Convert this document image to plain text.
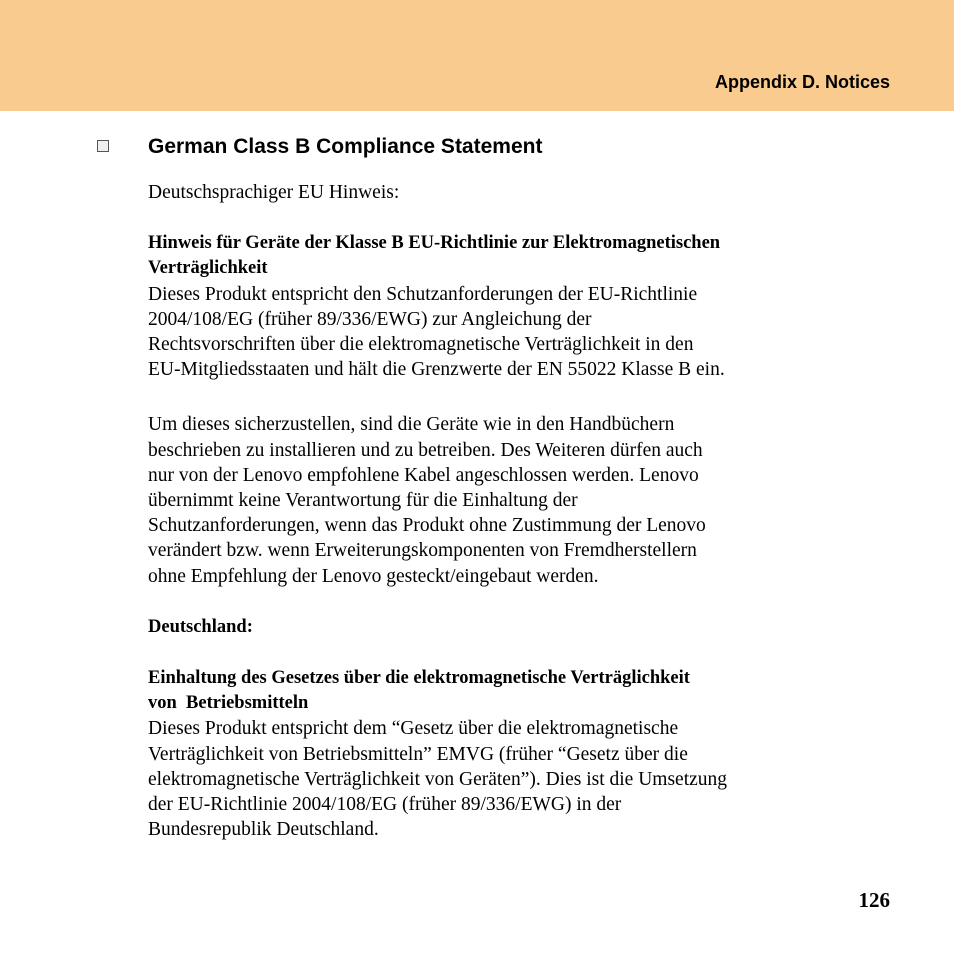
Appendix D. Notices
German Class B Compliance Statement

Deutschsprachiger EU Hinweis:

Hinweis für Geräte der Klasse B EU-Richtlinie zur Elektromagnetischen
Verträglichkeit

Dieses Produkt entspricht den Schutzanforderungen der EU-Richtlinie
2004/108/EG (früher 89/336/EWG) zur Angleichung der
Rechtsvorschriften über die elektromagnetische Verträglichkeit in den
EU-Mitgliedsstaaten und hält die Grenzwerte der EN 55022 Klasse B ein.

Um dieses sicherzustellen, sind die Geräte wie in den Handbüchern
beschrieben zu installieren und zu betreiben. Des Weiteren dürfen auch
nur von der Lenovo empfohlene Kabel angeschlossen werden. Lenovo
übernimmt keine Verantwortung für die Einhaltung der
Schutzanforderungen, wenn das Produkt ohne Zustimmung der Lenovo
verändert bzw. wenn Erweiterungskomponenten von Fremdherstellern
ohne Empfehlung der Lenovo gesteckt/eingebaut werden.

Deutschland:

Einhaltung des Gesetzes über die elektromagnetische Verträglichkeit
von  Betriebsmitteln

Dieses Produkt entspricht dem “Gesetz über die elektromagnetische
Verträglichkeit von Betriebsmitteln” EMVG (früher “Gesetz über die
elektromagnetische Verträglichkeit von Geräten”). Dies ist die Umsetzung
der EU-Richtlinie 2004/108/EG (früher 89/336/EWG) in der
Bundesrepublik Deutschland.

126
